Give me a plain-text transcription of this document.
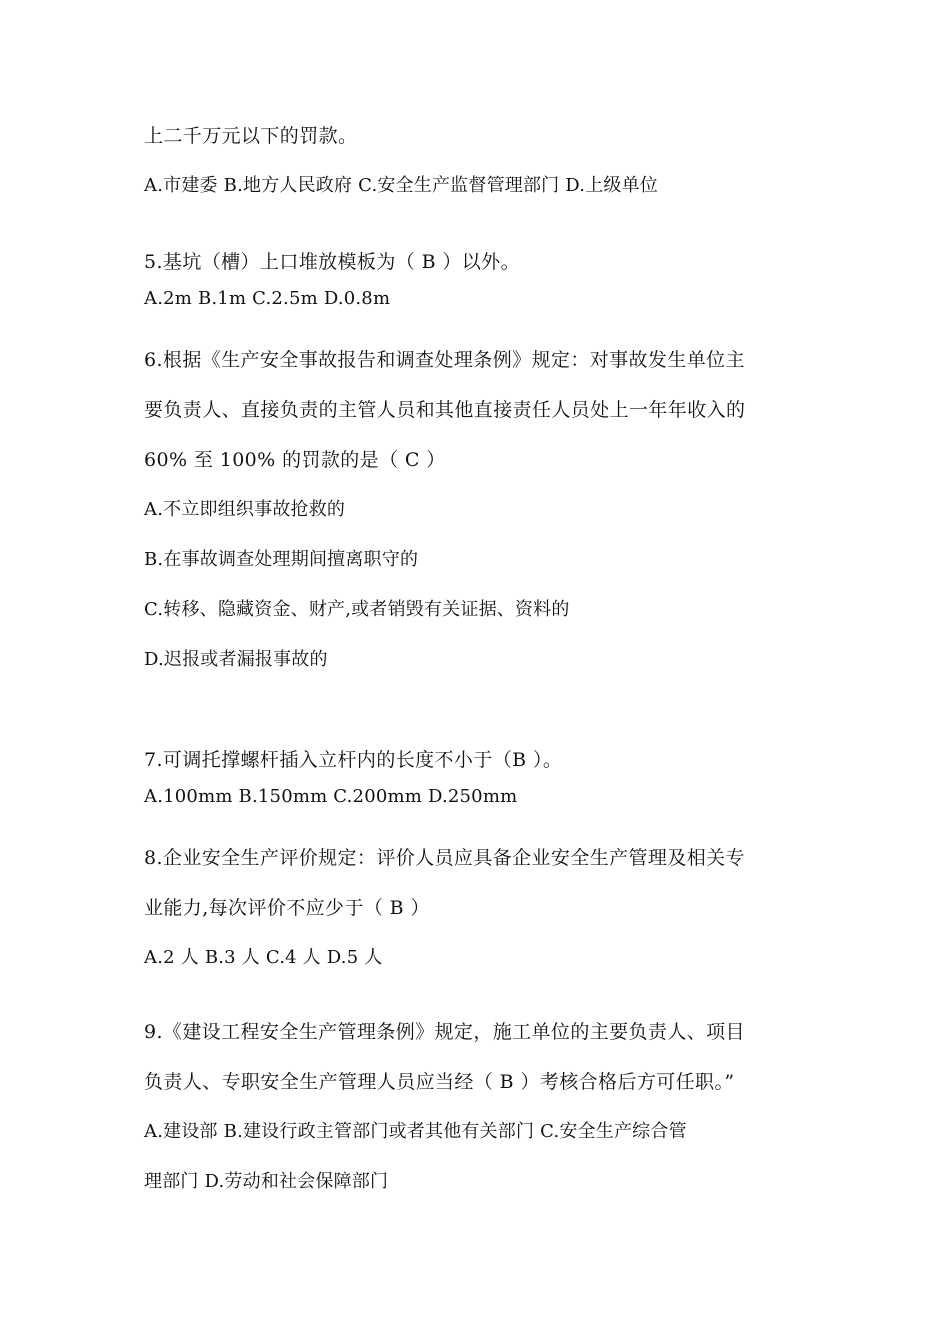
上二千万元以下的罚款。
A.市建委 B.地方人民政府 C.安全生产监督管理部门 D.上级单位
5.基坑（槽）上口堆放模板为（ B ）以外。
A.2m B.1m C.2.5m D.0.8m
6.根据《生产安全事故报告和调查处理条例》规定：对事故发生单位主
要负责人、直接负责的主管人员和其他直接责任人员处上一年年收入的
60% 至 100% 的罚款的是（ C ）
A.不立即组织事故抢救的
B.在事故调查处理期间擅离职守的
C.转移、隐藏资金、财产,或者销毁有关证据、资料的
D.迟报或者漏报事故的
7.可调托撑螺杆插入立杆内的长度不小于（B ）。
A.100mm B.150mm C.200mm D.250mm
8.企业安全生产评价规定：评价人员应具备企业安全生产管理及相关专
业能力,每次评价不应少于（ B ）
A.2 人 B.3 人 C.4 人 D.5 人
9.《建设工程安全生产管理条例》规定，施工单位的主要负责人、项目
负责人、专职安全生产管理人员应当经（ B ）考核合格后方可任职。”
A.建设部 B.建设行政主管部门或者其他有关部门 C.安全生产综合管
理部门 D.劳动和社会保障部门
